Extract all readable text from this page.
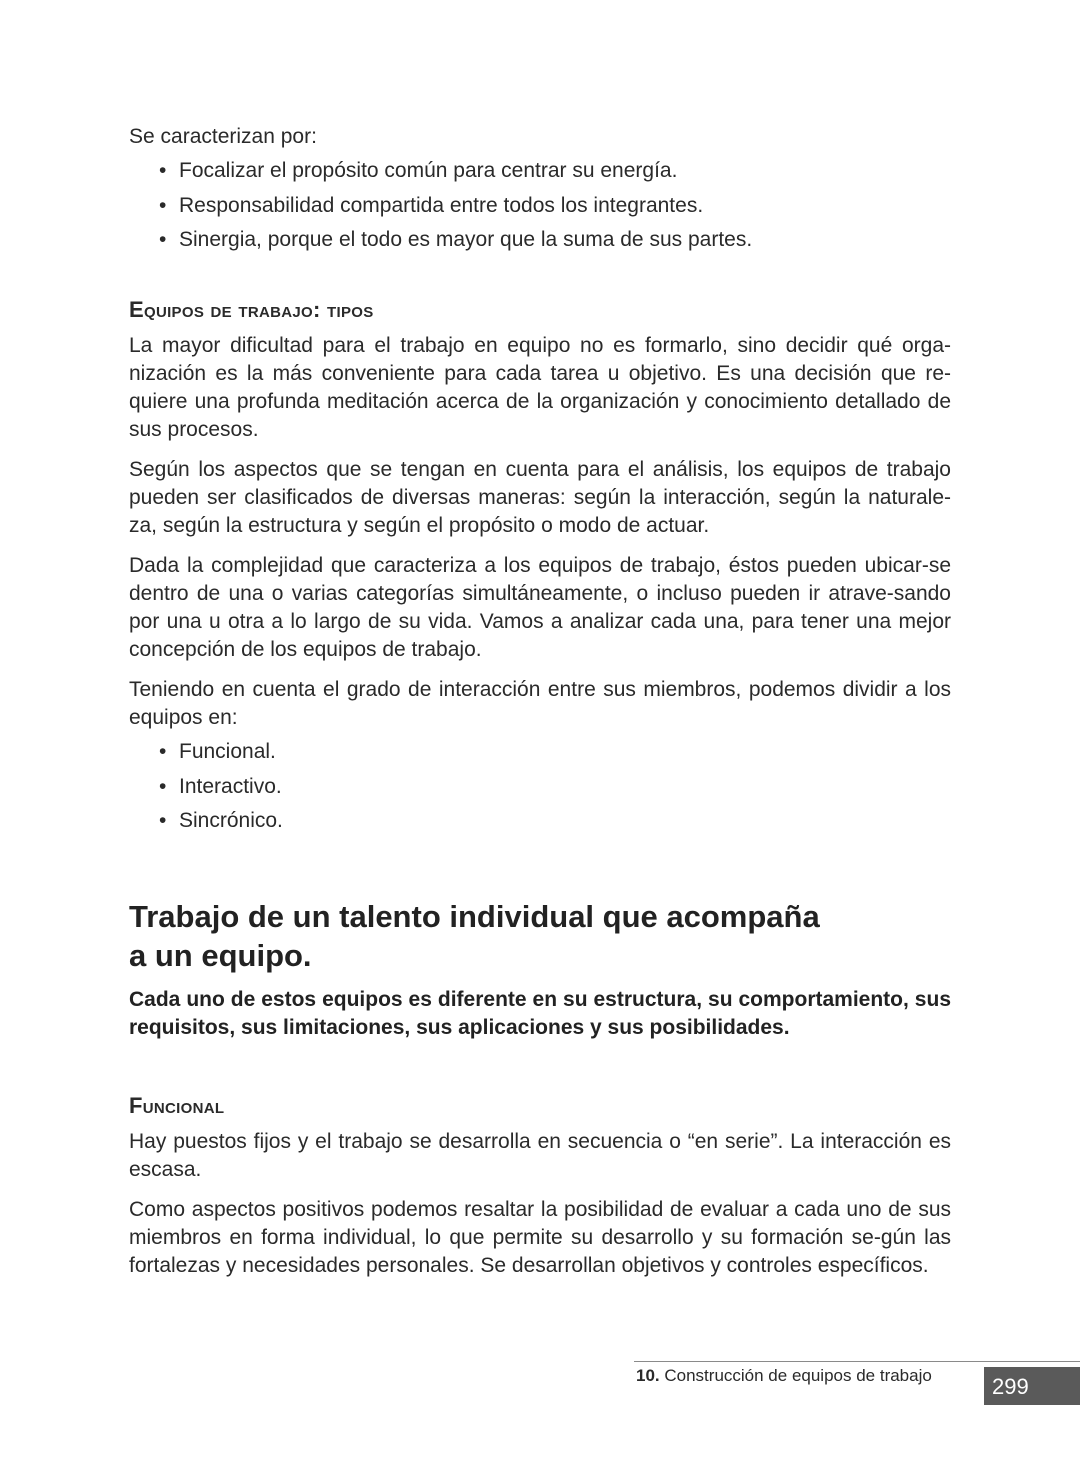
Se caracterizan por:

• Focalizar el propósito común para centrar su energía.
• Responsabilidad compartida entre todos los integrantes.
• Sinergia, porque el todo es mayor que la suma de sus partes.
Equipos de trabajo: tipos

La mayor dificultad para el trabajo en equipo no es formarlo, sino decidir qué orga-nización es la más conveniente para cada tarea u objetivo. Es una decisión que re-quiere una profunda meditación acerca de la organización y conocimiento detallado de sus procesos.

Según los aspectos que se tengan en cuenta para el análisis, los equipos de trabajo pueden ser clasificados de diversas maneras: según la interacción, según la naturale-za, según la estructura y según el propósito o modo de actuar.

Dada la complejidad que caracteriza a los equipos de trabajo, éstos pueden ubicar-se dentro de una o varias categorías simultáneamente, o incluso pueden ir atrave-sando por una u otra a lo largo de su vida. Vamos a analizar cada una, para tener una mejor concepción de los equipos de trabajo.

Teniendo en cuenta el grado de interacción entre sus miembros, podemos dividir a los equipos en:

• Funcional.
• Interactivo.
• Sincrónico.
Trabajo de un talento individual que acompaña
a un equipo.

Cada uno de estos equipos es diferente en su estructura, su comportamiento, sus requisitos, sus limitaciones, sus aplicaciones y sus posibilidades.

Funcional

Hay puestos fijos y el trabajo se desarrolla en secuencia o “en serie”. La interacción es escasa.

Como aspectos positivos podemos resaltar la posibilidad de evaluar a cada uno de sus miembros en forma individual, lo que permite su desarrollo y su formación se-gún las fortalezas y necesidades personales. Se desarrollan objetivos y controles específicos.

10. Construcción de equipos de trabajo	299
